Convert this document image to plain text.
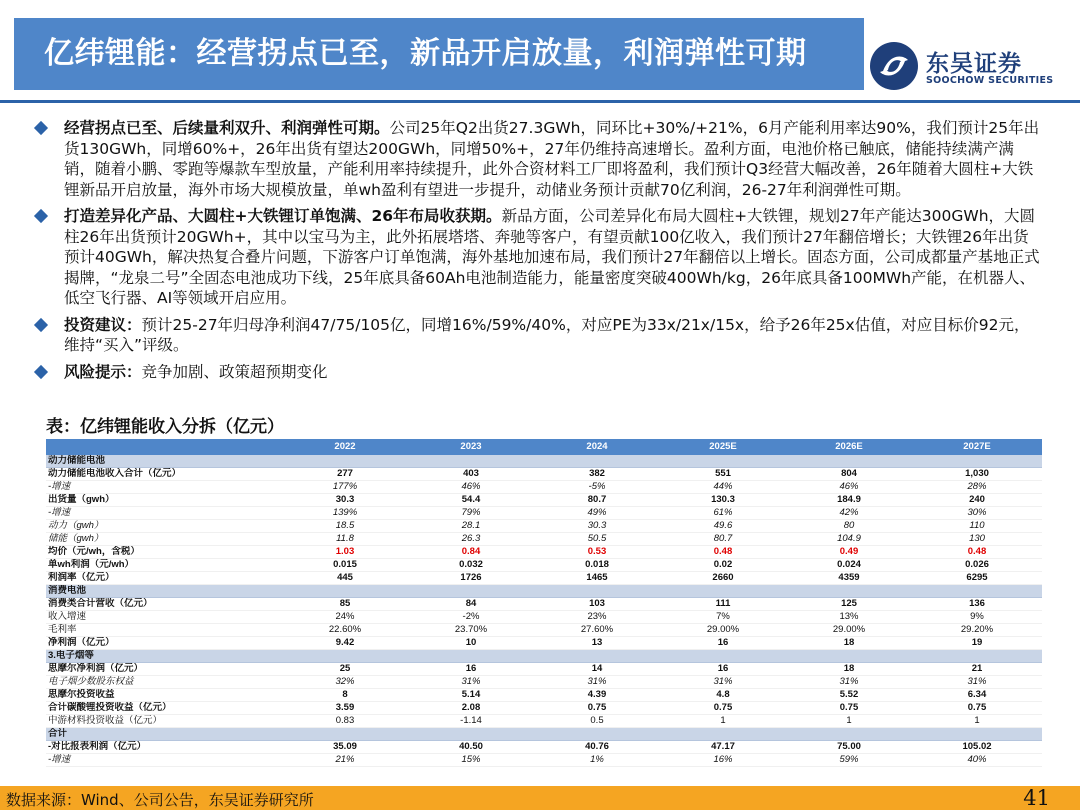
亿纬锂能：经营拐点已至，新品开启放量，利润弹性可期	东吴证券
SOOCHOW SECURITIES
经营拐点已至、后续量利双升、利润弹性可期。公司25年Q2出货27.3GWh，同环比+30%/+21%，6月产能利用率达90%，我们预计25年出货130GWh，同增60%+，26年出货有望达200GWh，同增50%+，27年仍维持高速增长。盈利方面，电池价格已触底，储能持续满产满销，随着小鹏、零跑等爆款车型放量，产能利用率持续提升，此外合资材料工厂即将盈利，我们预计Q3经营大幅改善，26年随着大圆柱+大铁锂新品开启放量，海外市场大规模放量，单wh盈利有望进一步提升，动储业务预计贡献70亿利润，26-27年利润弹性可期。
打造差异化产品、大圆柱+大铁锂订单饱满、26年布局收获期。新品方面，公司差异化布局大圆柱+大铁锂，规划27年产能达300GWh，大圆柱26年出货预计20GWh+，其中以宝马为主，此外拓展塔塔、奔驰等客户，有望贡献100亿收入，我们预计27年翻倍增长；大铁锂26年出货预计40GWh，解决热复合叠片问题，下游客户订单饱满，海外基地加速布局，我们预计27年翻倍以上增长。固态方面，公司成都量产基地正式揭牌，“龙泉二号”全固态电池成功下线，25年底具备60Ah电池制造能力，能量密度突破400Wh/kg，26年底具备100MWh产能，在机器人、低空飞行器、AI等领域开启应用。
投资建议：预计25-27年归母净利润47/75/105亿，同增16%/59%/40%，对应PE为33x/21x/15x，给予26年25x估值，对应目标价92元，维持“买入”评级。
风险提示：竞争加剧、政策超预期变化
表：亿纬锂能收入分拆（亿元）
	2022	2023	2024	2025E	2026E	2027E
动力储能电池						
动力储能电池收入合计（亿元）	277	403	382	551	804	1,030
-增速	177%	46%	-5%	44%	46%	28%
出货量（gwh）	30.3	54.4	80.7	130.3	184.9	240
-增速	139%	79%	49%	61%	42%	30%
动力（gwh）	18.5	28.1	30.3	49.6	80	110
储能（gwh）	11.8	26.3	50.5	80.7	104.9	130
均价（元/wh，含税）	1.03	0.84	0.53	0.48	0.49	0.48
单wh利润（元/wh）	0.015	0.032	0.018	0.02	0.024	0.026
利润率（亿元）	445	1726	1465	2660	4359	6295
消费电池						
消费类合计营收（亿元）	85	84	103	111	125	136
收入增速	24%	-2%	23%	7%	13%	9%
毛利率	22.60%	23.70%	27.60%	29.00%	29.00%	29.20%
净利润（亿元）	9.42	10	13	16	18	19
3.电子烟等						
思摩尔净利润（亿元）	25	16	14	16	18	21
电子烟少数股东权益	32%	31%	31%	31%	31%	31%
思摩尔投资收益	8	5.14	4.39	4.8	5.52	6.34
合计碳酸锂投资收益（亿元）	3.59	2.08	0.75	0.75	0.75	0.75
中游材料投资收益（亿元）	0.83	-1.14	0.5	1	1	1
合计						
-对比报表利润（亿元）	35.09	40.50	40.76	47.17	75.00	105.02
-增速	21%	15%	1%	16%	59%	40%
数据来源：Wind、公司公告，东吴证券研究所	41
